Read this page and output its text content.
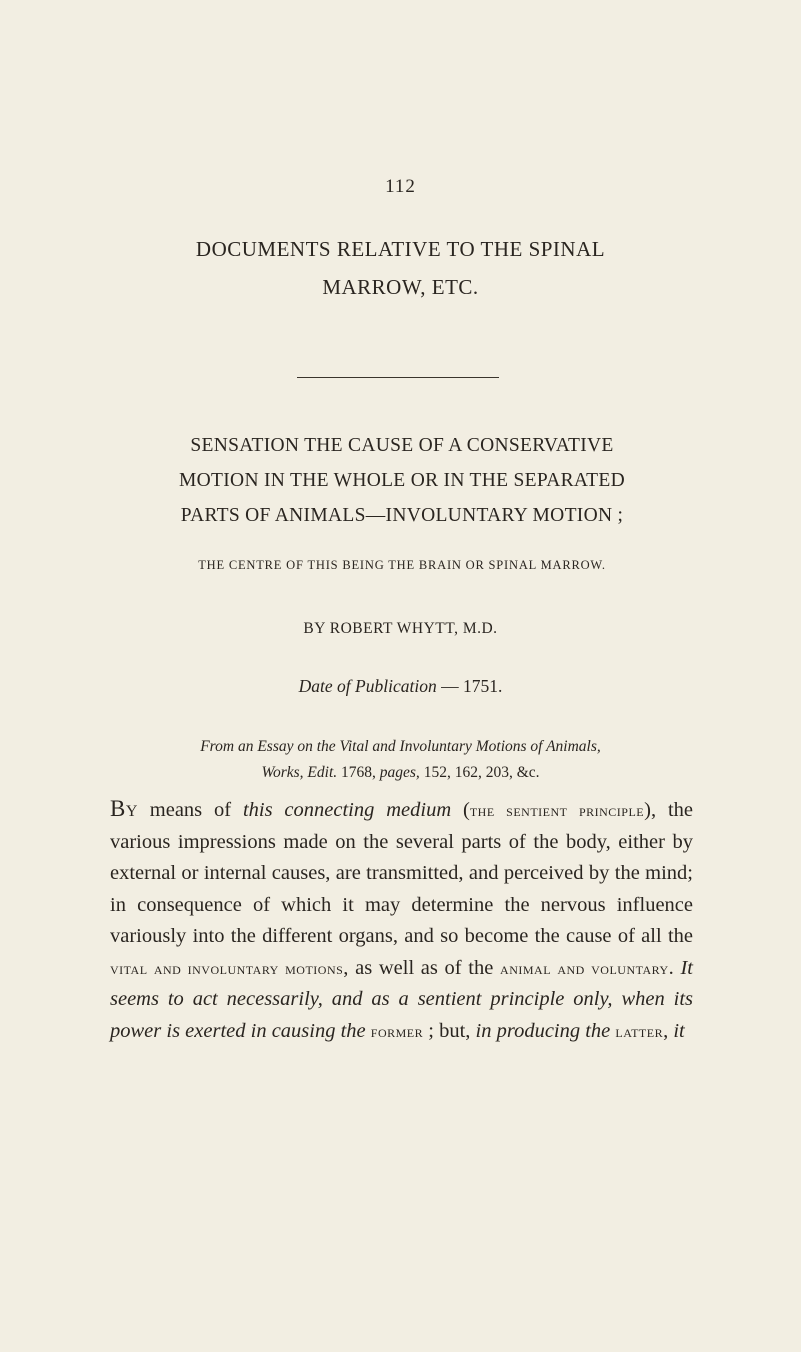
112
DOCUMENTS RELATIVE TO THE SPINAL
MARROW, ETC.
SENSATION THE CAUSE OF A CONSERVATIVE
MOTION IN THE WHOLE OR IN THE SEPARATED
PARTS OF ANIMALS—INVOLUNTARY MOTION ;
THE CENTRE OF THIS BEING THE BRAIN OR SPINAL MARROW.
BY ROBERT WHYTT, M.D.
Date of Publication — 1751.
From an Essay on the Vital and Involuntary Motions of Animals,
Works, Edit. 1768, pages, 152, 162, 203, &c.
By means of this connecting medium (the sentient principle), the various impressions made on the several parts of the body, either by external or internal causes, are transmitted, and perceived by the mind; in consequence of which it may determine the nervous influence variously into the different organs, and so become the cause of all the vital and involuntary motions, as well as of the animal and voluntary. It seems to act necessarily, and as a sentient principle only, when its power is exerted in causing the former ; but, in producing the latter, it
